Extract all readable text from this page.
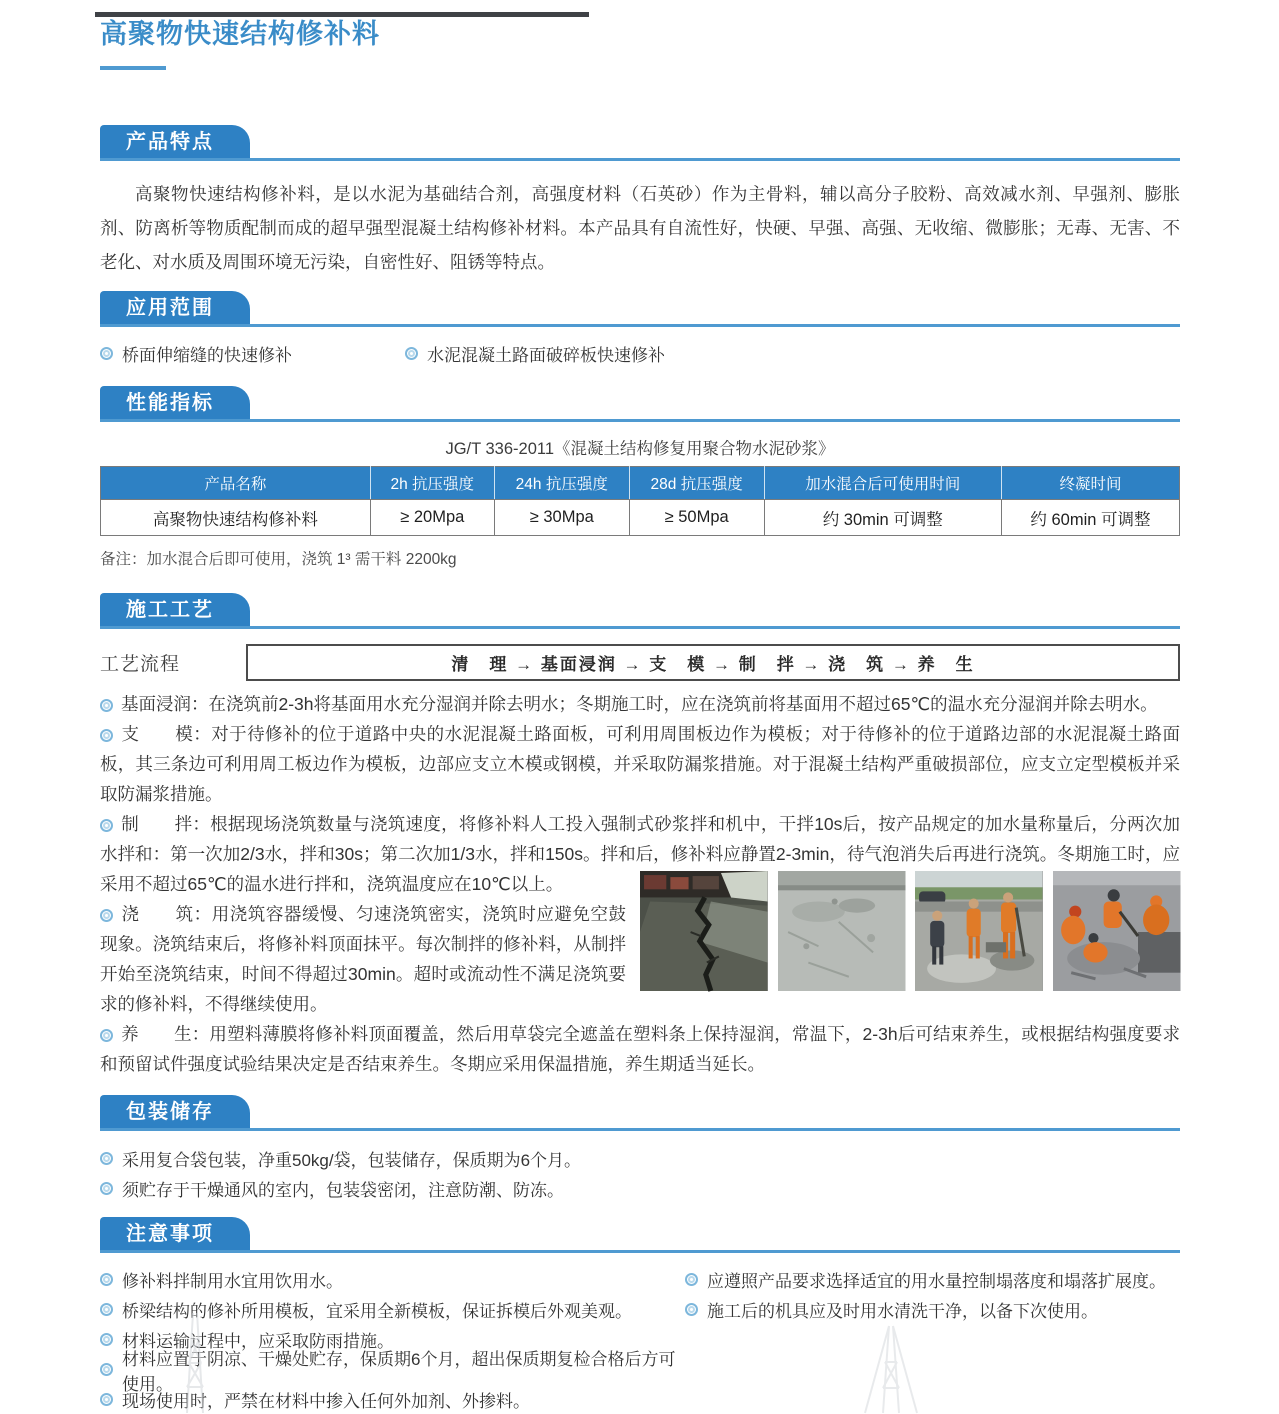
高聚物快速结构修补料
产品特点

高聚物快速结构修补料，是以水泥为基础结合剂，高强度材料（石英砂）作为主骨料，辅以高分子胶粉、高效减水剂、早强剂、膨胀剂、防离析等物质配制而成的超早强型混凝土结构修补材料。本产品具有自流性好，快硬、早强、高强、无收缩、微膨胀；无毒、无害、不老化、对水质及周围环境无污染，自密性好、阻锈等特点。

应用范围
桥面伸缩缝的快速修补	水泥混凝土路面破碎板快速修补
性能指标
JG/T 336-2011《混凝土结构修复用聚合物水泥砂浆》
产品名称	2h 抗压强度	24h 抗压强度	28d 抗压强度	加水混合后可使用时间	终凝时间
高聚物快速结构修补料	≥ 20Mpa	≥ 30Mpa	≥ 50Mpa	约 30min 可调整	约 60min 可调整
备注：加水混合后即可使用，浇筑 1³ 需干料 2200kg
施工工艺
工艺流程	清　理 → 基面浸润 → 支　模 → 制　拌 → 浇　筑 → 养　生
基面浸润：在浇筑前2-3h将基面用水充分湿润并除去明水；冬期施工时，应在浇筑前将基面用不超过65℃的温水充分湿润并除去明水。
支　　模：对于待修补的位于道路中央的水泥混凝土路面板，可利用周围板边作为模板；对于待修补的位于道路边部的水泥混凝土路面板，其三条边可利用周工板边作为模板，边部应支立木模或钢模，并采取防漏浆措施。对于混凝土结构严重破损部位，应支立定型模板并采取防漏浆措施。
制　　拌：根据现场浇筑数量与浇筑速度，将修补料人工投入强制式砂浆拌和机中，干拌10s后，按产品规定的加水量称量后，分两次加水拌和：第一次加2/3水，拌和30s；第二次加1/3水，拌和150s。拌和后，修补料应静置2-3min，待气泡消失后再进行浇筑。冬期施工时，应采用不超过65℃的温水进行拌和，浇筑温度应在10℃以上。
浇　　筑：用浇筑容器缓慢、匀速浇筑密实，浇筑时应避免空鼓现象。浇筑结束后，将修补料顶面抹平。每次制拌的修补料，从制拌开始至浇筑结束，时间不得超过30min。超时或流动性不满足浇筑要求的修补料，不得继续使用。
养　　生：用塑料薄膜将修补料顶面覆盖，然后用草袋完全遮盖在塑料条上保持湿润，常温下，2-3h后可结束养生，或根据结构强度要求和预留试件强度试验结果决定是否结束养生。冬期应采用保温措施，养生期适当延长。
包装储存
采用复合袋包装，净重50kg/袋，包装储存，保质期为6个月。
须贮存于干燥通风的室内，包装袋密闭，注意防潮、防冻。
注意事项
修补料拌制用水宜用饮用水。	应遵照产品要求选择适宜的用水量控制塌落度和塌落扩展度。
桥梁结构的修补所用模板，宜采用全新模板，保证拆模后外观美观。	施工后的机具应及时用水清洗干净，以备下次使用。
材料运输过程中，应采取防雨措施。
材料应置于阴凉、干燥处贮存，保质期6个月，超出保质期复检合格后方可使用。
现场使用时，严禁在材料中掺入任何外加剂、外掺料。
